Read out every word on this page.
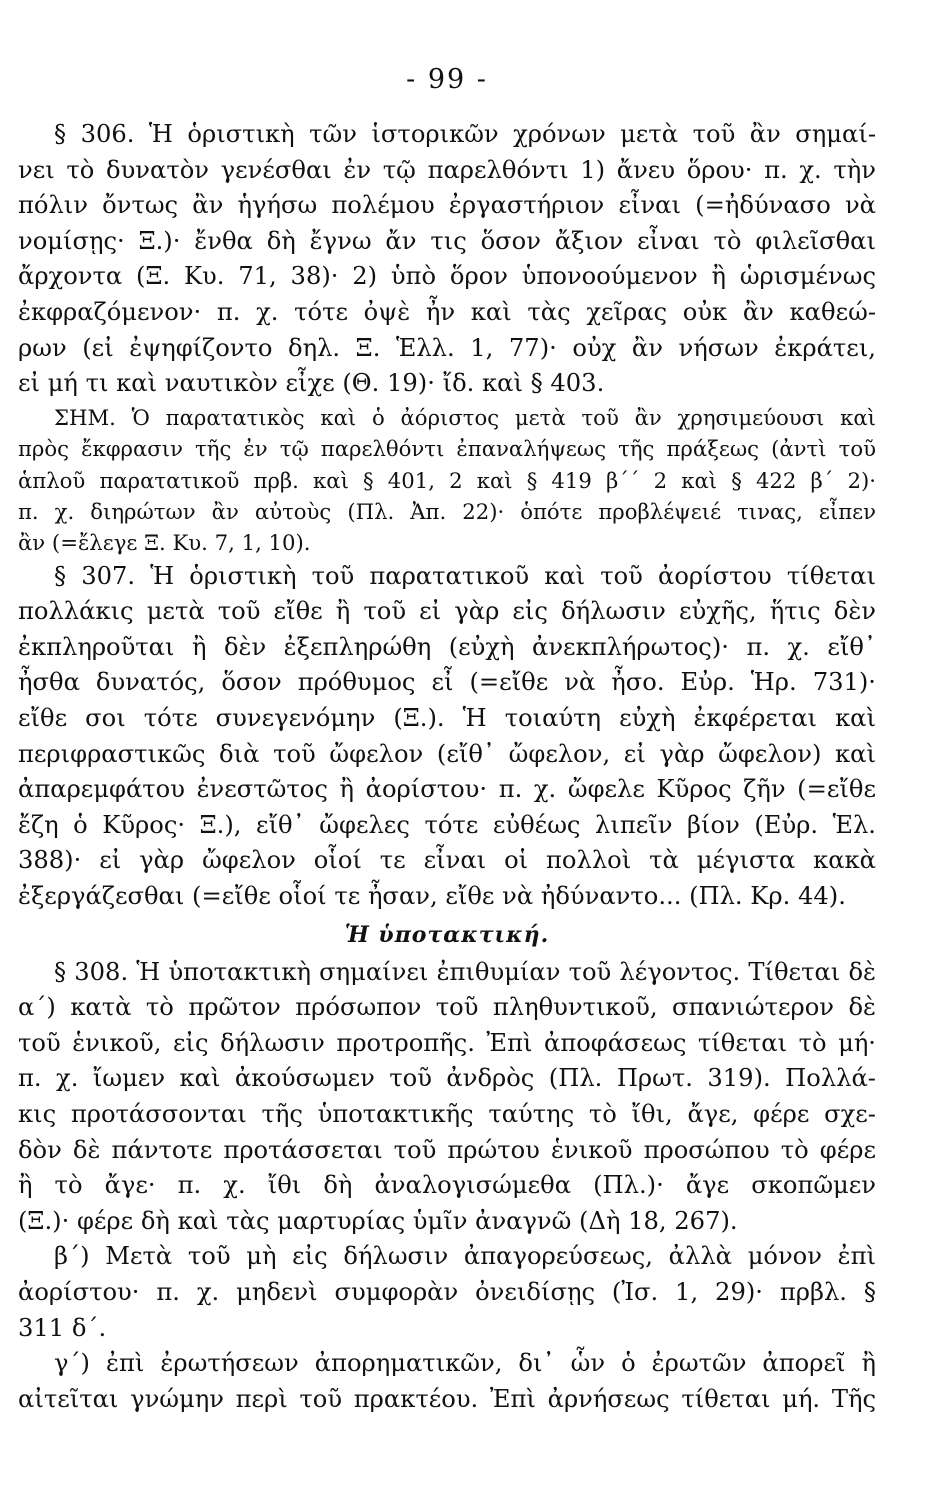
- 99 -
§ 306. Ἡ ὁριστικὴ τῶν ἱστορικῶν χρόνων μετὰ τοῦ ἂν σημαί-
νει τὸ δυνατὸν γενέσθαι ἐν τῷ παρελθόντι 1) ἄνευ ὅρου· π. χ. τὴν
πόλιν ὄντως ἂν ἡγήσω πολέμου ἐργαστήριον εἶναι (=ἠδύνασο νὰ
νομίσῃς· Ξ.)· ἔνθα δὴ ἔγνω ἄν τις ὅσον ἄξιον εἶναι τὸ φιλεῖσθαι
ἄρχοντα (Ξ. Κυ. 71, 38)· 2) ὑπὸ ὅρον ὑπονοούμενον ἢ ὡρισμένως
ἐκφραζόμενον· π. χ. τότε ὀψὲ ἦν καὶ τὰς χεῖρας οὐκ ἂν καθεώ-
ρων (εἰ ἐψηφίζοντο δηλ. Ξ. Ἑλλ. 1, 77)· οὐχ ἂν νήσων ἐκράτει,
εἰ μή τι καὶ ναυτικὸν εἶχε (Θ. 19)· ἴδ. καὶ § 403.
ΣΗΜ. Ὁ παρατατικὸς καὶ ὁ ἀόριστος μετὰ τοῦ ἂν χρησιμεύουσι καὶ
πρὸς ἔκφρασιν τῆς ἐν τῷ παρελθόντι ἐπαναλήψεως τῆς πράξεως (ἀντὶ τοῦ
ἁπλοῦ παρατατικοῦ πρβ. καὶ § 401, 2 καὶ § 419 β΄΄ 2 καὶ § 422 β΄ 2)·
π. χ. διηρώτων ἂν αὐτοὺς (Πλ. Ἀπ. 22)· ὁπότε προβλέψειέ τινας, εἶπεν
ἂν (=ἔλεγε Ξ. Κυ. 7, 1, 10).
§ 307. Ἡ ὁριστικὴ τοῦ παρατατικοῦ καὶ τοῦ ἀορίστου τίθεται
πολλάκις μετὰ τοῦ εἴθε ἢ τοῦ εἰ γὰρ εἰς δήλωσιν εὐχῆς, ἥτις δὲν
ἐκπληροῦται ἢ δὲν ἐξεπληρώθη (εὐχὴ ἀνεκπλήρωτος)· π. χ. εἴθ᾿
ἦσθα δυνατός, ὅσον πρόθυμος εἶ (=εἴθε νὰ ἦσο. Εὐρ. Ἡρ. 731)·
εἴθε σοι τότε συνεγενόμην (Ξ.). Ἡ τοιαύτη εὐχὴ ἐκφέρεται καὶ
περιφραστικῶς διὰ τοῦ ὤφελον (εἴθ᾿ ὤφελον, εἰ γὰρ ὤφελον) καὶ
ἀπαρεμφάτου ἐνεστῶτος ἢ ἀορίστου· π. χ. ὤφελε Κῦρος ζῆν (=εἴθε
ἔζη ὁ Κῦρος· Ξ.), εἴθ᾿ ὤφελες τότε εὐθέως λιπεῖν βίον (Εὐρ. Ἑλ.
388)· εἰ γὰρ ὤφελον οἷοί τε εἶναι οἱ πολλοὶ τὰ μέγιστα κακὰ
ἐξεργάζεσθαι (=εἴθε οἷοί τε ἦσαν, εἴθε νὰ ἠδύναντο... (Πλ. Κρ. 44).
Ἡ ὑποτακτική.
§ 308. Ἡ ὑποτακτικὴ σημαίνει ἐπιθυμίαν τοῦ λέγοντος. Τίθεται δὲ
α΄) κατὰ τὸ πρῶτον πρόσωπον τοῦ πληθυντικοῦ, σπανιώτερον δὲ
τοῦ ἑνικοῦ, εἰς δήλωσιν προτροπῆς. Ἐπὶ ἀποφάσεως τίθεται τὸ μή·
π. χ. ἴωμεν καὶ ἀκούσωμεν τοῦ ἀνδρὸς (Πλ. Πρωτ. 319). Πολλά-
κις προτάσσονται τῆς ὑποτακτικῆς ταύτης τὸ ἴθι, ἄγε, φέρε σχε-
δὸν δὲ πάντοτε προτάσσεται τοῦ πρώτου ἑνικοῦ προσώπου τὸ φέρε
ἢ τὸ ἄγε· π. χ. ἴθι δὴ ἀναλογισώμεθα (Πλ.)· ἄγε σκοπῶμεν
(Ξ.)· φέρε δὴ καὶ τὰς μαρτυρίας ὑμῖν ἀναγνῶ (Δὴ 18, 267).
β΄) Μετὰ τοῦ μὴ εἰς δήλωσιν ἀπαγορεύσεως, ἀλλὰ μόνον ἐπὶ
ἀορίστου· π. χ. μηδενὶ συμφορὰν ὀνειδίσῃς (Ἰσ. 1, 29)· πρβλ. §
311 δ΄.
γ΄) ἐπὶ ἐρωτήσεων ἀπορηματικῶν, δι᾿ ὧν ὁ ἐρωτῶν ἀπορεῖ ἢ
αἰτεῖται γνώμην περὶ τοῦ πρακτέου. Ἐπὶ ἀρνήσεως τίθεται μή. Τῆς
